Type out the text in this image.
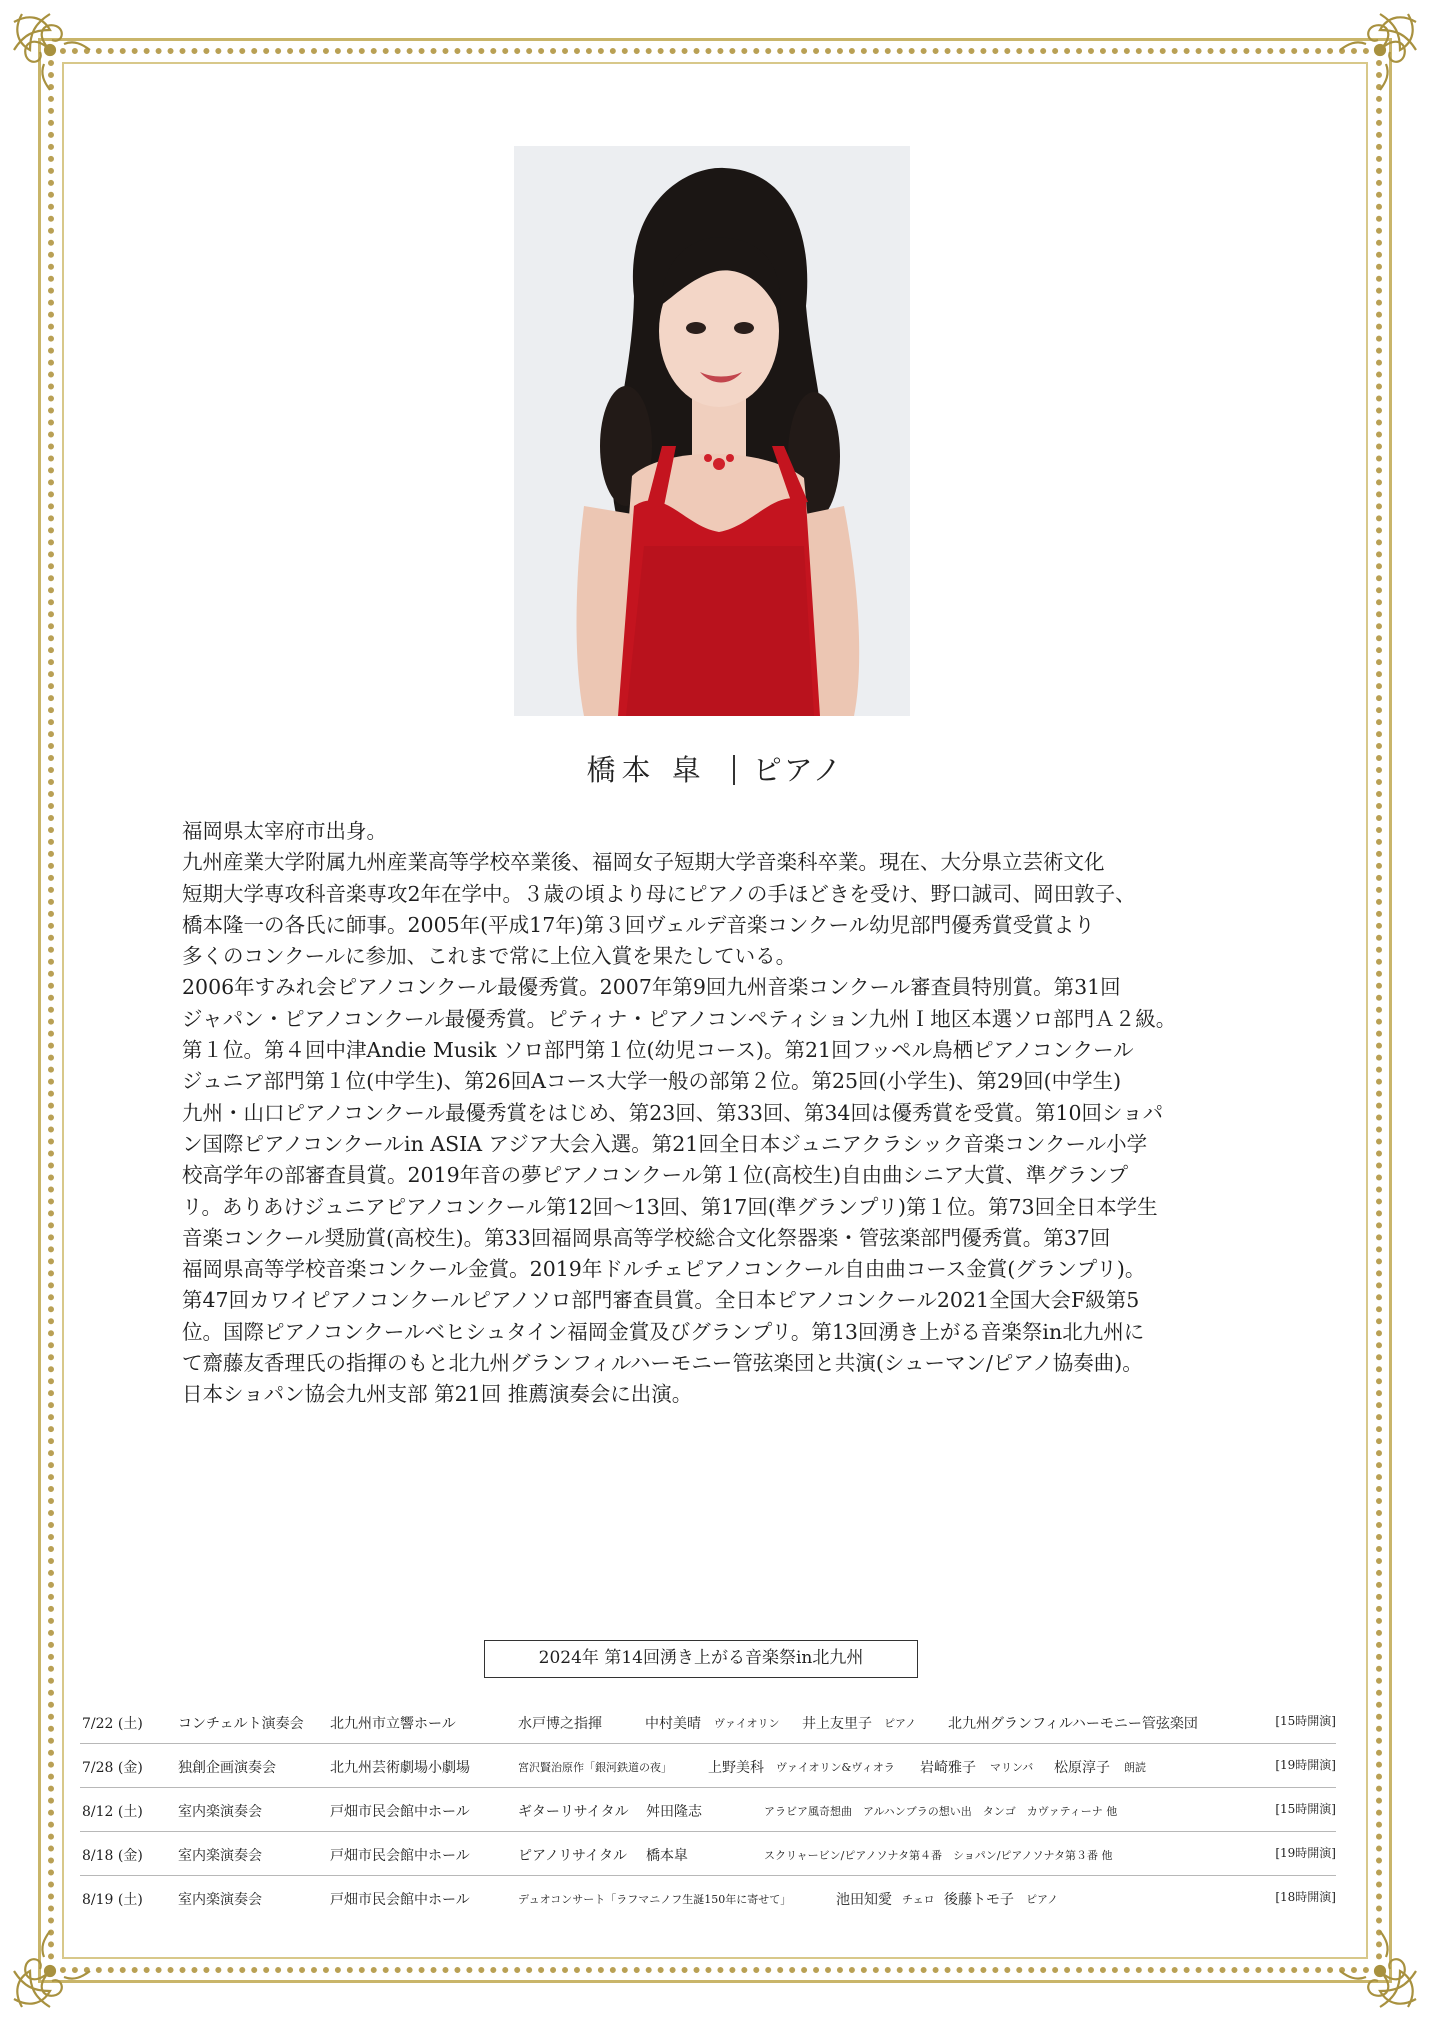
橋本 皐 ピアノ

福岡県太宰府市出身。

九州産業大学附属九州産業高等学校卒業後、福岡女子短期大学音楽科卒業。現在、大分県立芸術文化

短期大学専攻科音楽専攻2年在学中。３歳の頃より母にピアノの手ほどきを受け、野口誠司、岡田敦子、

橋本隆一の各氏に師事。2005年(平成17年)第３回ヴェルデ音楽コンクール幼児部門優秀賞受賞より

多くのコンクールに参加、これまで常に上位入賞を果たしている。

2006年すみれ会ピアノコンクール最優秀賞。2007年第9回九州音楽コンクール審査員特別賞。第31回

ジャパン・ピアノコンクール最優秀賞。ピティナ・ピアノコンペティション九州Ｉ地区本選ソロ部門Ａ２級。

第１位。第４回中津Andie Musik ソロ部門第１位(幼児コース)。第21回フッペル鳥栖ピアノコンクール

ジュニア部門第１位(中学生)、第26回Aコース大学一般の部第２位。第25回(小学生)、第29回(中学生)

九州・山口ピアノコンクール最優秀賞をはじめ、第23回、第33回、第34回は優秀賞を受賞。第10回ショパ

ン国際ピアノコンクールin ASIA アジア大会入選。第21回全日本ジュニアクラシック音楽コンクール小学

校高学年の部審査員賞。2019年音の夢ピアノコンクール第１位(高校生)自由曲シニア大賞、準グランプ

リ。ありあけジュニアピアノコンクール第12回～13回、第17回(準グランプリ)第１位。第73回全日本学生

音楽コンクール奨励賞(高校生)。第33回福岡県高等学校総合文化祭器楽・管弦楽部門優秀賞。第37回

福岡県高等学校音楽コンクール金賞。2019年ドルチェピアノコンクール自由曲コース金賞(グランプリ)。

第47回カワイピアノコンクールピアノソロ部門審査員賞。全日本ピアノコンクール2021全国大会F級第5

位。国際ピアノコンクールベヒシュタイン福岡金賞及びグランプリ。第13回湧き上がる音楽祭in北九州に

て齋藤友香理氏の指揮のもと北九州グランフィルハーモニー管弦楽団と共演(シューマン/ピアノ協奏曲)。

日本ショパン協会九州支部 第21回 推薦演奏会に出演。

2024年 第14回湧き上がる音楽祭in北九州
7/22 (土)	コンチェルト演奏会 北九州市立響ホール	水戸博之指揮	中村美晴 ヴァイオリン 井上友里子 ピアノ 北九州グランフィルハーモニー管弦楽団	[15時開演]
7/28 (金)	独創企画演奏会	北九州芸術劇場小劇場	宮沢賢治原作「銀河鉄道の夜」	上野美科 ヴァイオリン&ヴィオラ 岩崎雅子 マリンバ 松原淳子 朗読	[19時開演]
8/12 (土)	室内楽演奏会	戸畑市民会館中ホール	ギターリサイタル 舛田隆志	アラビア風奇想曲　アルハンブラの想い出　タンゴ　カヴァティーナ 他	[15時開演]
8/18 (金)	室内楽演奏会	戸畑市民会館中ホール	ピアノリサイタル 橋本皐	スクリャービン/ピアノソナタ第４番　ショパン/ピアノソナタ第３番 他	[19時開演]
8/19 (土)	室内楽演奏会	戸畑市民会館中ホール	デュオコンサート「ラフマニノフ生誕150年に寄せて」	池田知愛 チェロ 後藤トモ子 ピアノ	[18時開演]
